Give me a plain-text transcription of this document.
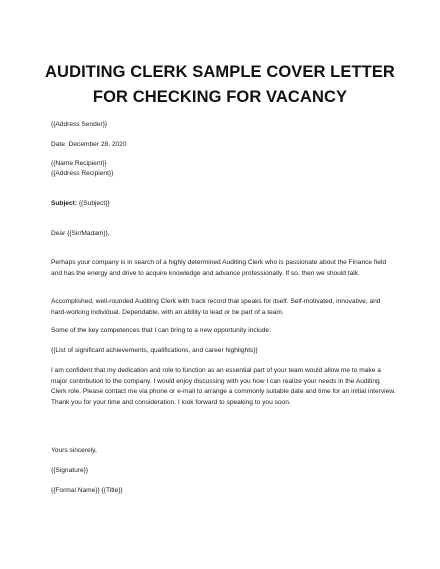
AUDITING CLERK SAMPLE COVER LETTER
FOR CHECKING FOR VACANCY
{{Address Sender}}
Date: December 28, 2020
{{Name Recipient}}
{{Address Recipient}}
Subject: {{Subject}}
Dear {{Sir/Madam}},
Perhaps your company is in search of a highly determined Auditing Clerk who is passionate about the Finance field and has the energy and drive to acquire knowledge and advance professionally. If so, then we should talk.
Accomplished, well-rounded Auditing Clerk with track record that speaks for itself. Self-motivated, innovative, and hard-working individual. Dependable, with an ability to lead or be part of a team.
Some of the key competences that I can bring to a new opportunity include:
{{List of significant achievements, qualifications, and career highlights}}
I am confident that my dedication and role to function as an essential part of your team would allow me to make a major contribution to the company. I would enjoy discussing with you how I can realize your needs in the Auditing Clerk role. Please contact me via phone or e-mail to arrange a commonly suitable date and time for an initial interview. Thank you for your time and consideration. I look forward to speaking to you soon.
Yours sincerely,
{{Signature}}
{{Formal Name}} {{Title}}
